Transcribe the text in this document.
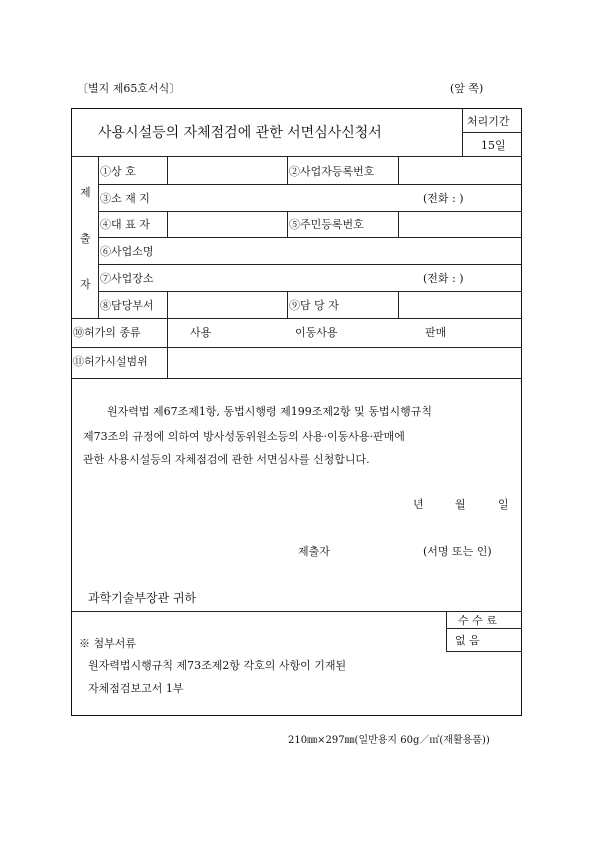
〔별지 제65호서식〕	(앞 쪽)
사용시설등의 자체점검에 관한 서면심사신청서
처리기간
15일
제
출
자
①상 호	②사업자등록번호
③소 재 지	(전화 : )
④대 표 자	⑤주민등록번호
⑥사업소명
⑦사업장소	(전화 : )
⑧담당부서	⑨담 당 자
⑩허가의 종류	사용	이동사용	판매
⑪허가시설범위
원자력법 제67조제1항, 동법시행령 제199조제2항 및 동법시행규칙
제73조의 규정에 의하여 방사성동위원소등의 사용·이동사용·판매에
관한 사용시설등의 자체점검에 관한 서면심사를 신청합니다.
년	월	일
제출자	(서명 또는 인)
과학기술부장관 귀하
수 수 료
없 음
※ 첨부서류
원자력법시행규칙 제73조제2항 각호의 사항이 기재된
자체점검보고서 1부
210㎜×297㎜(일반용지 60g／㎡(재활용품))
